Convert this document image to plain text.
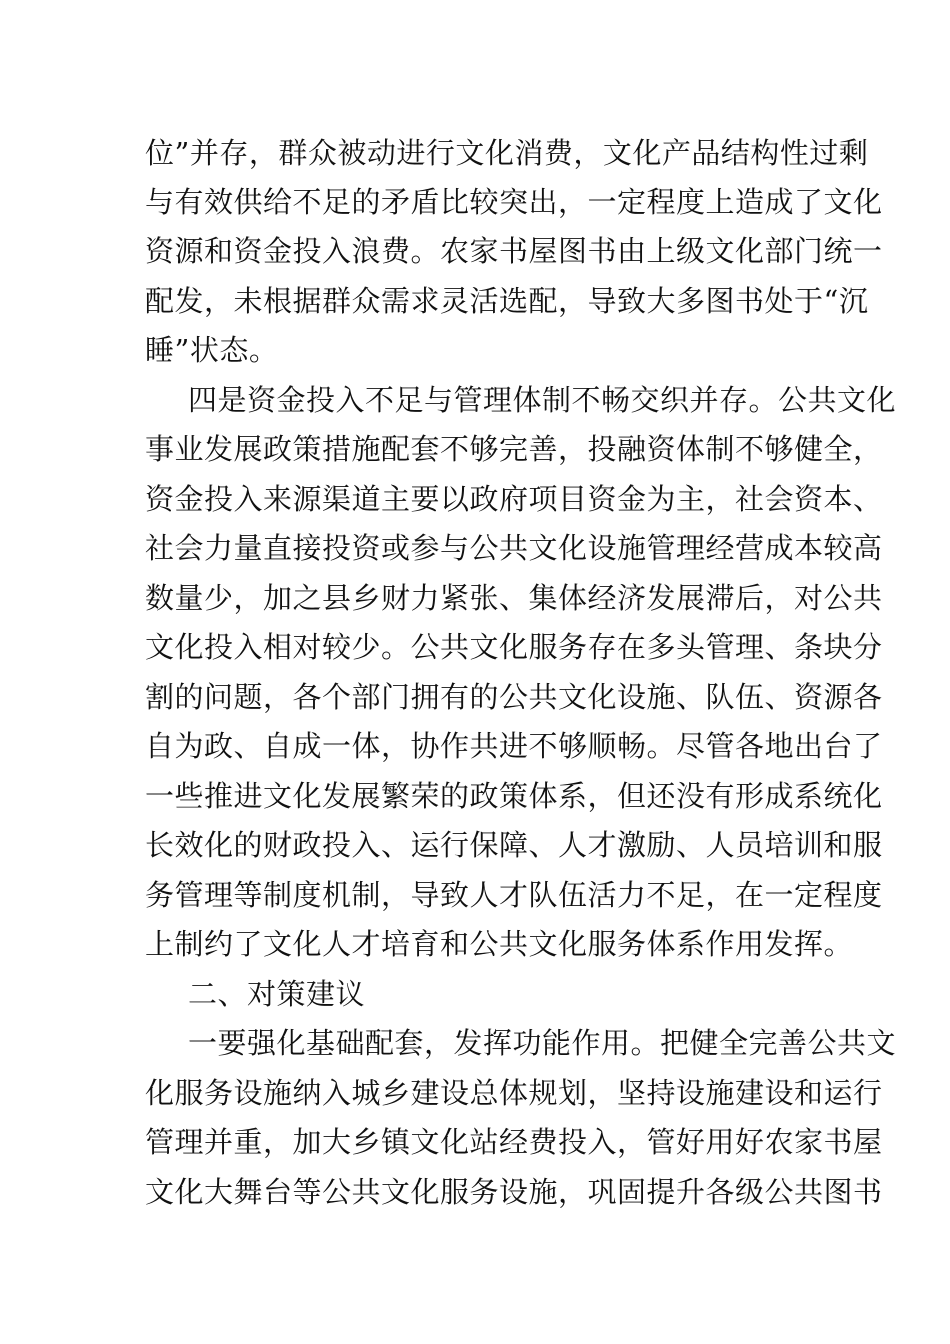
位”并存，群众被动进行文化消费，文化产品结构性过剩
与有效供给不足的矛盾比较突出，一定程度上造成了文化
资源和资金投入浪费。农家书屋图书由上级文化部门统一
配发，未根据群众需求灵活选配，导致大多图书处于“沉
睡”状态。
四是资金投入不足与管理体制不畅交织并存。公共文化
事业发展政策措施配套不够完善，投融资体制不够健全，
资金投入来源渠道主要以政府项目资金为主，社会资本、
社会力量直接投资或参与公共文化设施管理经营成本较高
数量少，加之县乡财力紧张、集体经济发展滞后，对公共
文化投入相对较少。公共文化服务存在多头管理、条块分
割的问题，各个部门拥有的公共文化设施、队伍、资源各
自为政、自成一体，协作共进不够顺畅。尽管各地出台了
一些推进文化发展繁荣的政策体系，但还没有形成系统化
长效化的财政投入、运行保障、人才激励、人员培训和服
务管理等制度机制，导致人才队伍活力不足，在一定程度
上制约了文化人才培育和公共文化服务体系作用发挥。
二、对策建议
一要强化基础配套，发挥功能作用。把健全完善公共文
化服务设施纳入城乡建设总体规划，坚持设施建设和运行
管理并重，加大乡镇文化站经费投入，管好用好农家书屋
文化大舞台等公共文化服务设施，巩固提升各级公共图书
